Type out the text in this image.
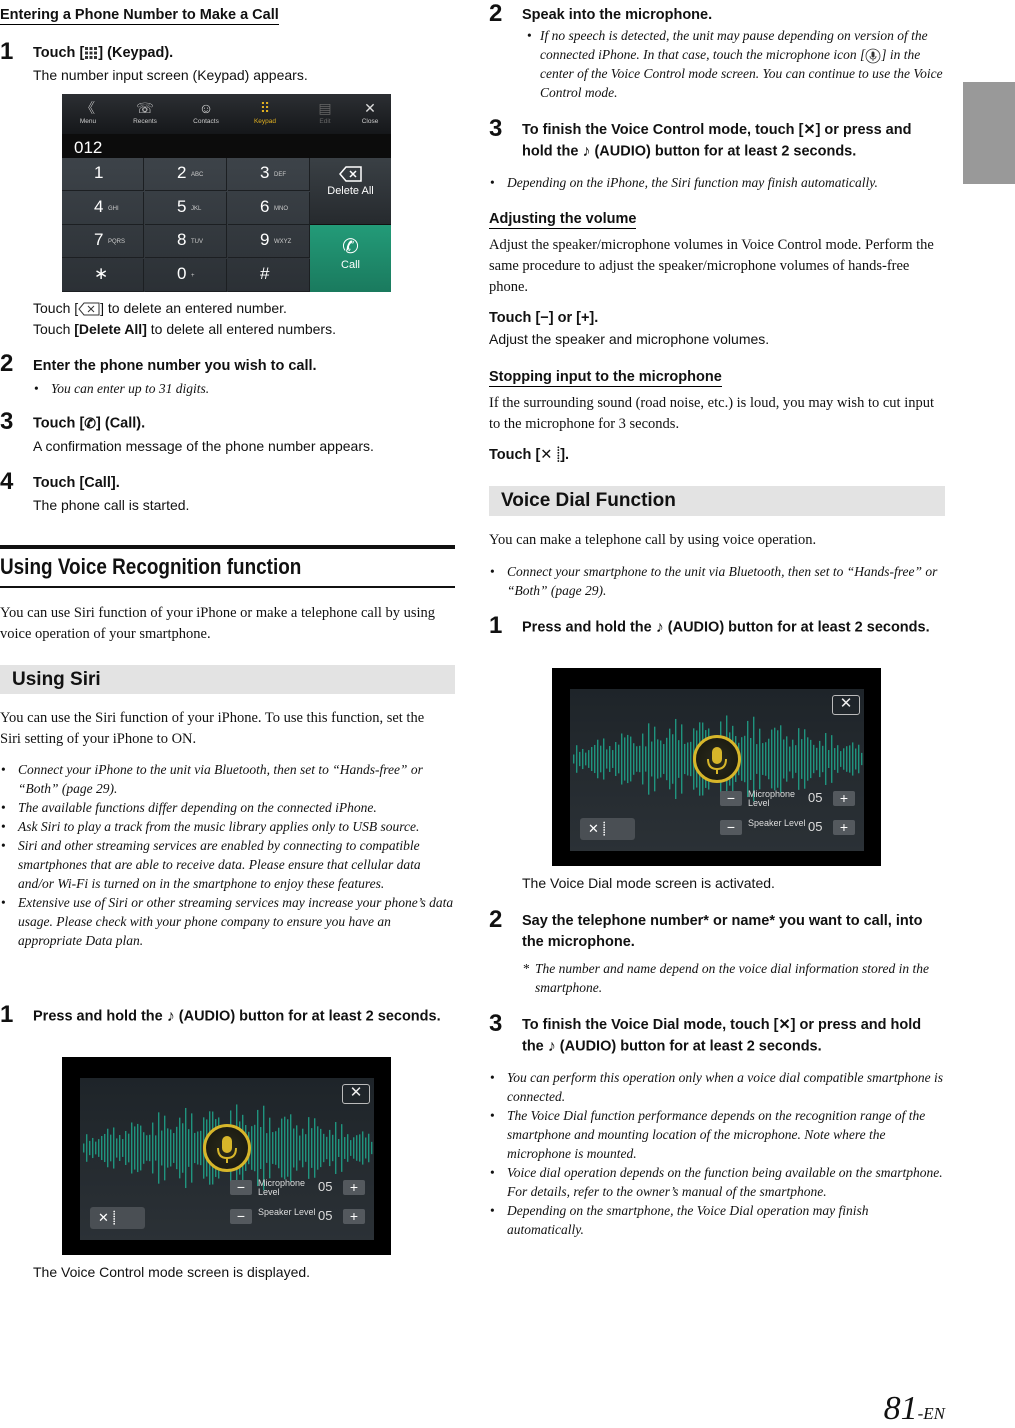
Entering a Phone Number to Make a Call
1 Touch [ ] (Keypad).
The number input screen (Keypad) appears.
《
Menu
☏
Recents
☺
Contacts
⠿
Keypad
▤
Edit
✕
Close
012
1	2 ABC	3 DEF
4 GHI	5 JKL	6 MNO
7 PQRS	8 TUV	9 WXYZ
∗	0 +	#
Delete All
✆
Call
Touch [ ] to delete an entered number.
Touch [Delete All] to delete all entered numbers.
2 Enter the phone number you wish to call.
• You can enter up to 31 digits.
3 Touch [✆] (Call).
A confirmation message of the phone number appears.
4 Touch [Call].
The phone call is started.
Using Voice Recognition function
You can use Siri function of your iPhone or make a telephone call by using voice operation of your smartphone.
Using Siri
You can use the Siri function of your iPhone. To use this function, set the Siri setting of your iPhone to ON.
• Connect your iPhone to the unit via Bluetooth, then set to “Hands-free” or “Both” (page 29).
• The available functions differ depending on the connected iPhone.
• Ask Siri to play a track from the music library applies only to USB source.
• Siri and other streaming services are enabled by connecting to compatible smartphones that are able to receive data. Please ensure that cellular data and/or Wi-Fi is turned on in the smartphone to enjoy these features.
• Extensive use of Siri or other streaming services may increase your phone’s data usage. Please check with your phone company to ensure you have an appropriate Data plan.
1 Press and hold the ♪ (AUDIO) button for at least 2 seconds.
✕
−	Microphone Level	05	+
−	Speaker Level 05	+
✕ ⸽
The Voice Control mode screen is displayed.
2 Speak into the microphone.
• If no speech is detected, the unit may pause depending on version of the connected iPhone. In that case, touch the microphone icon [ ] in the center of the Voice Control mode screen. You can continue to use the Voice Control mode.
3 To finish the Voice Control mode, touch [✕] or press and hold the ♪ (AUDIO) button for at least 2 seconds.
• Depending on the iPhone, the Siri function may finish automatically.
Adjusting the volume
Adjust the speaker/microphone volumes in Voice Control mode. Perform the same procedure to adjust the speaker/microphone volumes of hands-free phone.
Touch [−] or [+].
Adjust the speaker and microphone volumes.
Stopping input to the microphone
If the surrounding sound (road noise, etc.) is loud, you may wish to cut input to the microphone for 3 seconds.
Touch [✕ ⸽].
Voice Dial Function
You can make a telephone call by using voice operation.
• Connect your smartphone to the unit via Bluetooth, then set to “Hands-free” or “Both” (page 29).
1 Press and hold the ♪ (AUDIO) button for at least 2 seconds.
✕
−	Microphone Level	05	+
−	Speaker Level 05	+
✕ ⸽
The Voice Dial mode screen is activated.
2 Say the telephone number* or name* you want to call, into the microphone.
* The number and name depend on the voice dial information stored in the smartphone.
3 To finish the Voice Dial mode, touch [✕] or press and hold the ♪ (AUDIO) button for at least 2 seconds.
• You can perform this operation only when a voice dial compatible smartphone is connected.
• The Voice Dial function performance depends on the recognition range of the smartphone and mounting location of the microphone. Note where the microphone is mounted.
• Voice dial operation depends on the function being available on the smartphone. For details, refer to the owner’s manual of the smartphone.
• Depending on the smartphone, the Voice Dial operation may finish automatically.
81-EN
